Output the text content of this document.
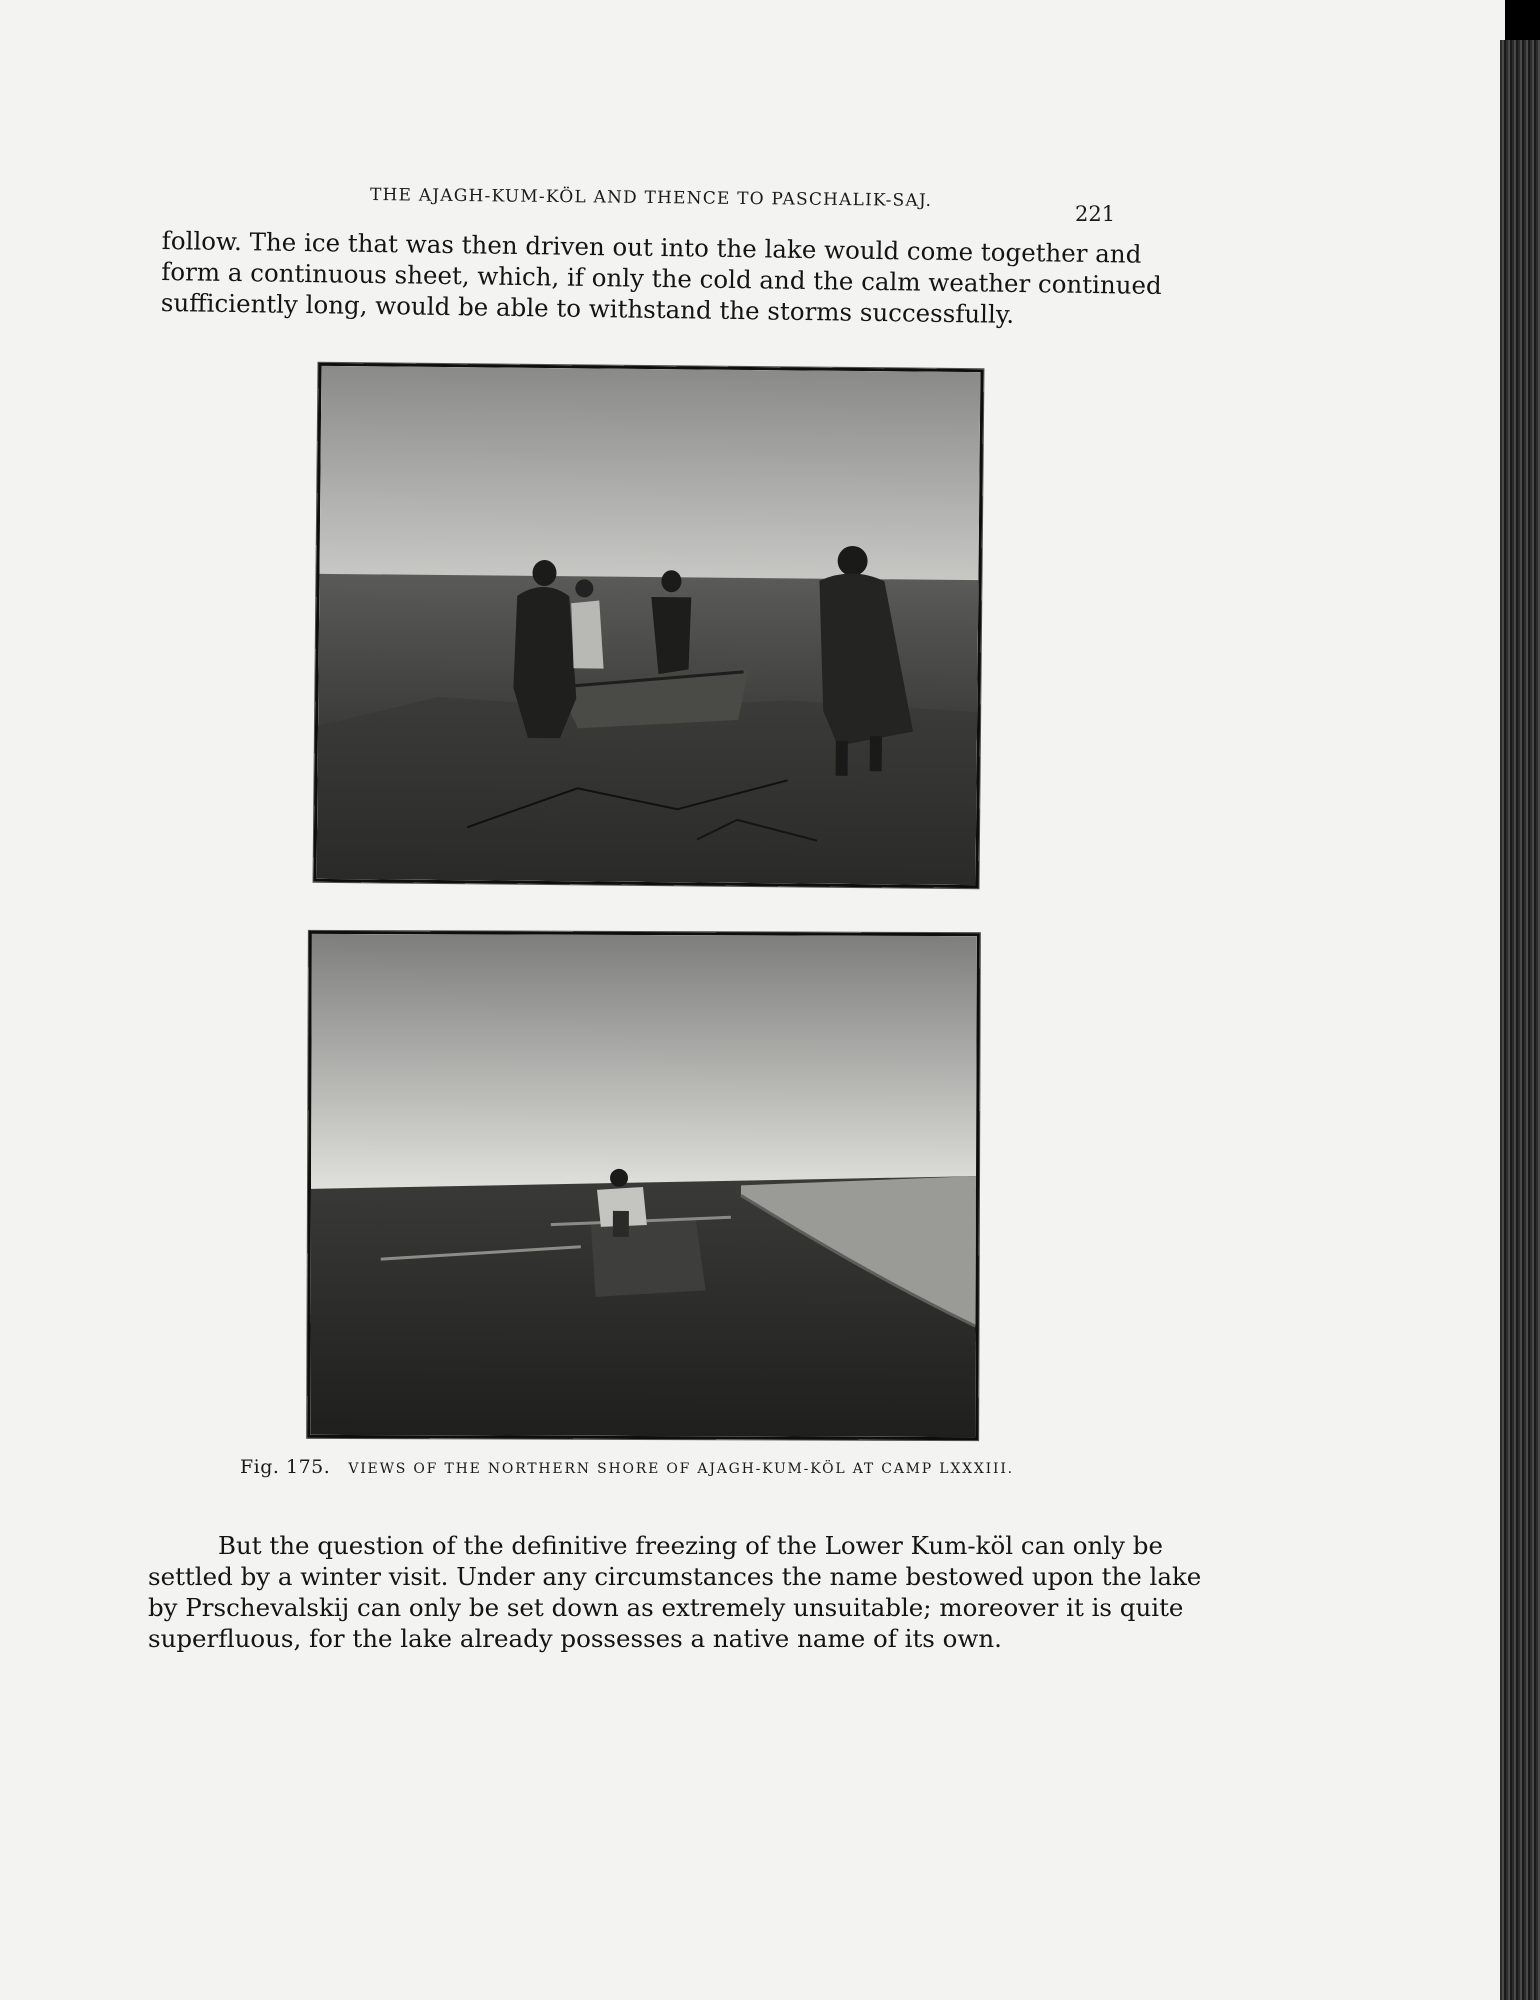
THE AJAGH-KUM-KÖL AND THENCE TO PASCHALIK-SAJ.
221
follow. The ice that was then driven out into the lake would come together and
form a continuous sheet, which, if only the cold and the calm weather continued
sufficiently long, would be able to withstand the storms successfully.
Fig. 175. VIEWS OF THE NORTHERN SHORE OF AJAGH-KUM-KÖL AT CAMP LXXXIII.
But the question of the definitive freezing of the Lower Kum-köl can only be
settled by a winter visit. Under any circumstances the name bestowed upon the lake
by Prschevalskij can only be set down as extremely unsuitable; moreover it is quite
superfluous, for the lake already possesses a native name of its own.
